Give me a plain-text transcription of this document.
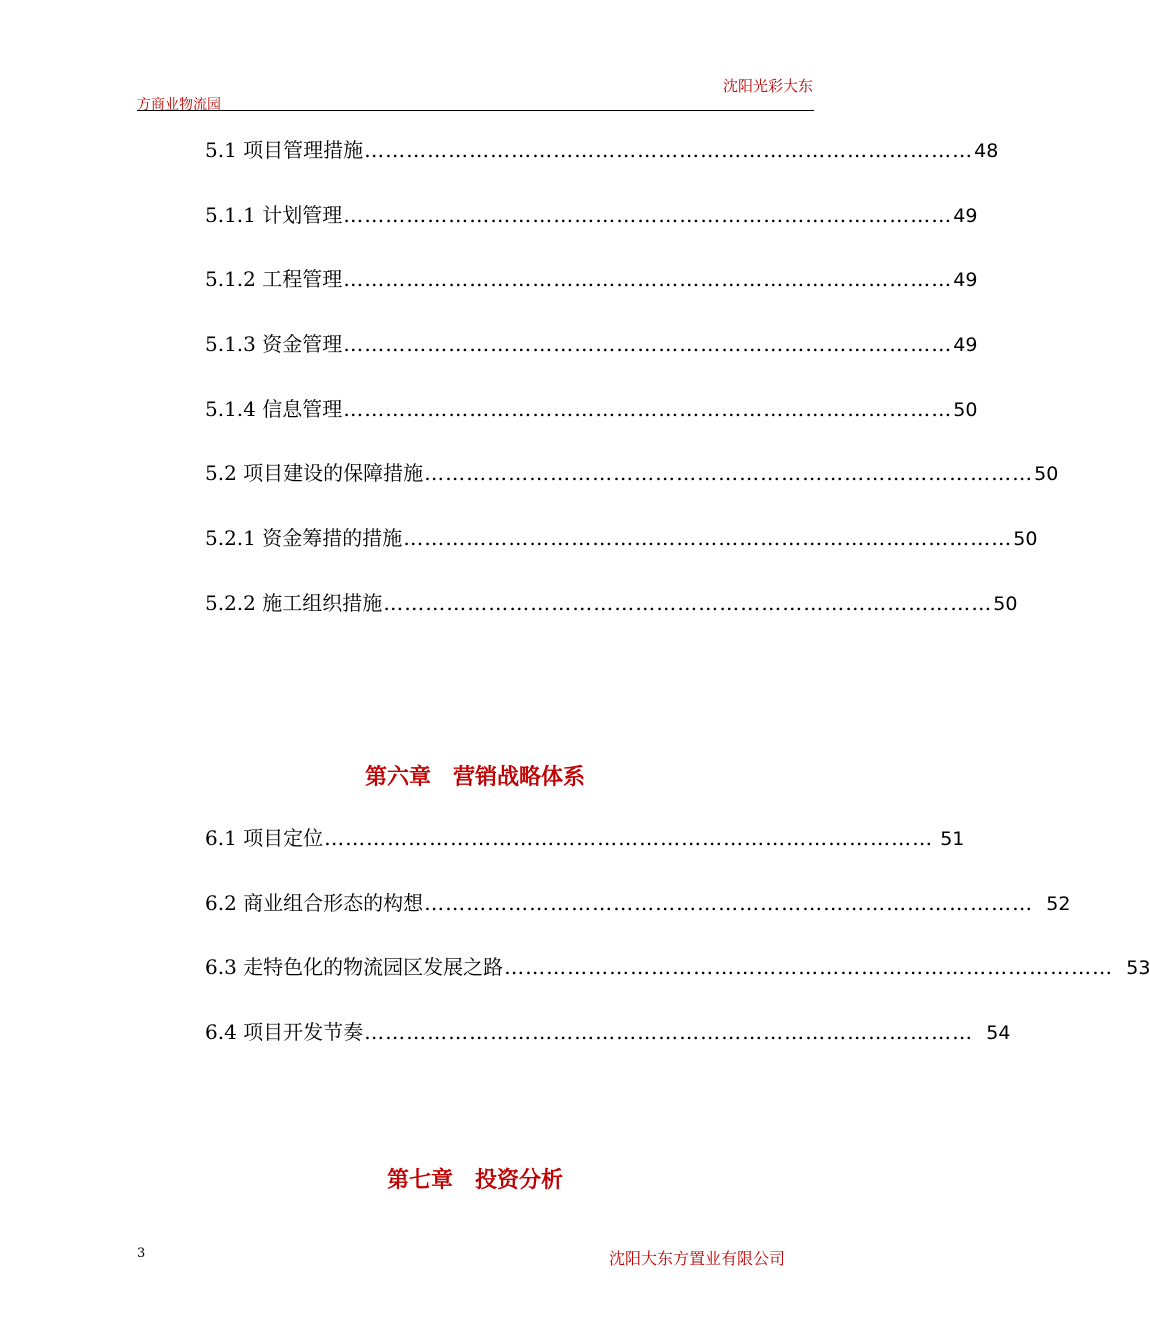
沈阳光彩大东
方商业物流园
5.1 项目管理措施 …………………………………………………………………………… 48
5.1.1 计划管理 …………………………………………………………………………… 49
5.1.2 工程管理 …………………………………………………………………………… 49
5.1.3 资金管理 …………………………………………………………………………… 49
5.1.4 信息管理 …………………………………………………………………………… 50
5.2 项目建设的保障措施 …………………………………………………………………………… 50
5.2.1 资金筹措的措施 …………………………………………………………………………… 50
5.2.2 施工组织措施 …………………………………………………………………………… 50
第六章　营销战略体系
6.1 项目定位 …………………………………………………………………………… 51
6.2 商业组合形态的构想 …………………………………………………………………………… 52
6.3 走特色化的物流园区发展之路 …………………………………………………………………………… 53
6.4 项目开发节奏 …………………………………………………………………………… 54
第七章　投资分析
3	沈阳大东方置业有限公司
